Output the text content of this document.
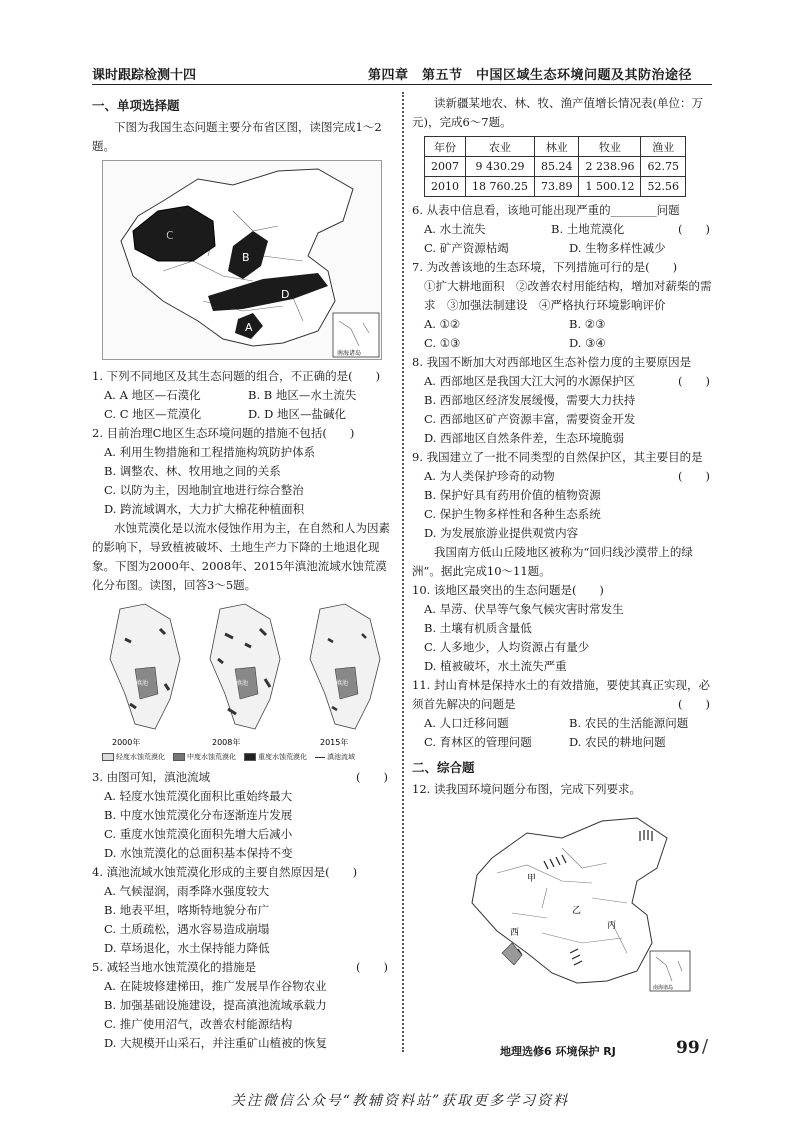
课时跟踪检测十四	第四章　第五节　中国区域生态环境问题及其防治途径
一、单项选择题

下图为我国生态问题主要分布省区图，读图完成1～2题。

C
B
D
A
南海诸岛

1. 下列不同地区及其生态问题的组合，不正确的是(　　)

A. A 地区—石漠化	B. B 地区—水土流失
C. C 地区—荒漠化	D. D 地区—盐碱化

2. 目前治理C地区生态环境问题的措施不包括(　　)

A. 利用生物措施和工程措施构筑防护体系

B. 调整农、林、牧用地之间的关系

C. 以防为主，因地制宜地进行综合整治

D. 跨流域调水，大力扩大棉花种植面积

水蚀荒漠化是以流水侵蚀作用为主，在自然和人为因素的影响下，导致植被破坏、土地生产力下降的土地退化现象。下图为2000年、2008年、2015年滇池流域水蚀荒漠化分布图。读图，回答3～5题。

滇池
2000年
滇池
2008年
滇池
2015年
轻度水蚀荒漠化	中度水蚀荒漠化	重度水蚀荒漠化	滇池流域

3. 由图可知，滇池流域	(　　)

A. 轻度水蚀荒漠化面积比重始终最大

B. 中度水蚀荒漠化分布逐渐连片发展

C. 重度水蚀荒漠化面积先增大后减小

D. 水蚀荒漠化的总面积基本保持不变

4. 滇池流域水蚀荒漠化形成的主要自然原因是(　　)

A. 气候湿润，雨季降水强度较大

B. 地表平坦，喀斯特地貌分布广

C. 土质疏松，遇水容易造成崩塌

D. 草场退化，水土保持能力降低

5. 减轻当地水蚀荒漠化的措施是	(　　)

A. 在陡坡修建梯田，推广发展旱作谷物农业

B. 加强基础设施建设，提高滇池流域承载力

C. 推广使用沼气，改善农村能源结构

D. 大规模开山采石，并注重矿山植被的恢复

读新疆某地农、林、牧、渔产值增长情况表(单位：万元)，完成6～7题。

年份	农业	林业	牧业	渔业
2007	9 430.29	85.24	2 238.96	62.75
2010	18 760.25	73.89	1 500.12	52.56

6. 从表中信息看，该地可能出现严重的________问题
(　　)

A. 水土流失	B. 土地荒漠化
C. 矿产资源枯竭	D. 生物多样性减少

7. 为改善该地的生态环境，下列措施可行的是(　　)

①扩大耕地面积　②改善农村用能结构，增加对薪柴的需求　③加强法制建设　④严格执行环境影响评价

A. ①②	B. ②③
C. ①③	D. ③④

8. 我国不断加大对西部地区生态补偿力度的主要原因是
(　　)

A. 西部地区是我国大江大河的水源保护区

B. 西部地区经济发展缓慢，需要大力扶持

C. 西部地区矿产资源丰富，需要资金开发

D. 西部地区自然条件差，生态环境脆弱

9. 我国建立了一批不同类型的自然保护区，其主要目的是
(　　)

A. 为人类保护珍奇的动物

B. 保护好具有药用价值的植物资源

C. 保护生物多样性和各种生态系统

D. 为发展旅游业提供观赏内容

我国南方低山丘陵地区被称为“回归线沙漠带上的绿洲”。据此完成10～11题。

10. 该地区最突出的生态问题是(　　)

A. 旱涝、伏旱等气象气候灾害时常发生

B. 土壤有机质含量低

C. 人多地少，人均资源占有量少

D. 植被破坏，水土流失严重

11. 封山育林是保持水土的有效措施，要使其真正实现，必须首先解决的问题是	(　　)

A. 人口迁移问题	B. 农民的生活能源问题
C. 育林区的管理问题	D. 农民的耕地问题
二、综合题

12. 读我国环境问题分布图，完成下列要求。

甲
乙
西
丙
南海诸岛
地理选修6 环境保护 RJ	99 /
关注微信公众号“教辅资料站”获取更多学习资料
